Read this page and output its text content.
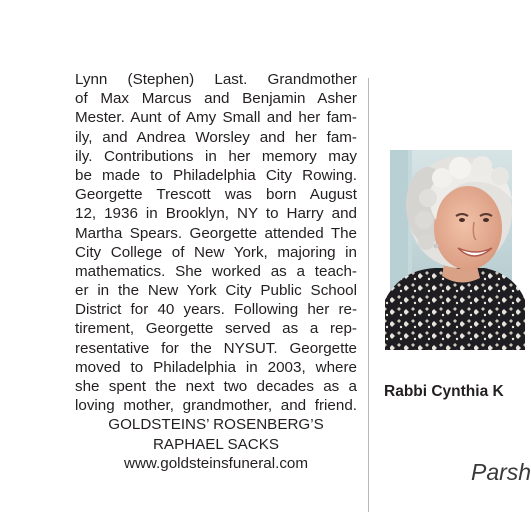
Lynn (Stephen) Last. Grandmother
of Max Marcus and Benjamin Asher
Mester. Aunt of Amy Small and her fam-
ily, and Andrea Worsley and her fam-
ily. Contributions in her memory may
be made to Philadelphia City Rowing.
Georgette Trescott was born August
12, 1936 in Brooklyn, NY to Harry and
Martha Spears. Georgette attended The
City College of New York, majoring in
mathematics. She worked as a teach-
er in the New York City Public School
District for 40 years. Following her re-
tirement, Georgette served as a rep-
resentative for the NYSUT. Georgette
moved to Philadelphia in 2003, where
she spent the next two decades as a
loving mother, grandmother, and friend.
GOLDSTEINS’ ROSENBERG’S
RAPHAEL SACKS
www.goldsteinsfuneral.com
Rabbi Cynthia K
Parsh
